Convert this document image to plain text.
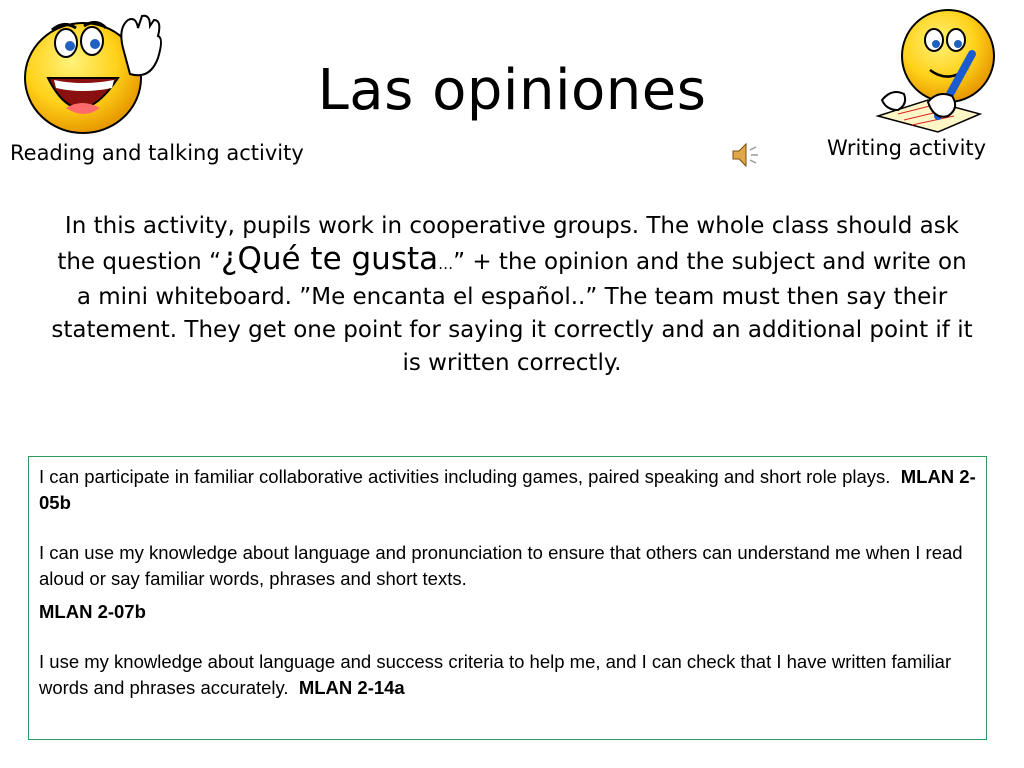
Las opiniones
Reading and talking activity	Writing activity
In this activity, pupils work in cooperative groups. The whole class should ask the question “¿Qué te gusta…” + the opinion and the subject and write on a mini whiteboard. ”Me encanta el español..” The team must then say their statement. They get one point for saying it correctly and an additional point if it is written correctly.

I can participate in familiar collaborative activities including games, paired speaking and short role plays.  MLAN 2-05b

I can use my knowledge about language and pronunciation to ensure that others can understand me when I read aloud or say familiar words, phrases and short texts.

MLAN 2-07b

I use my knowledge about language and success criteria to help me, and I can check that I have written familiar words and phrases accurately.  MLAN 2-14a
